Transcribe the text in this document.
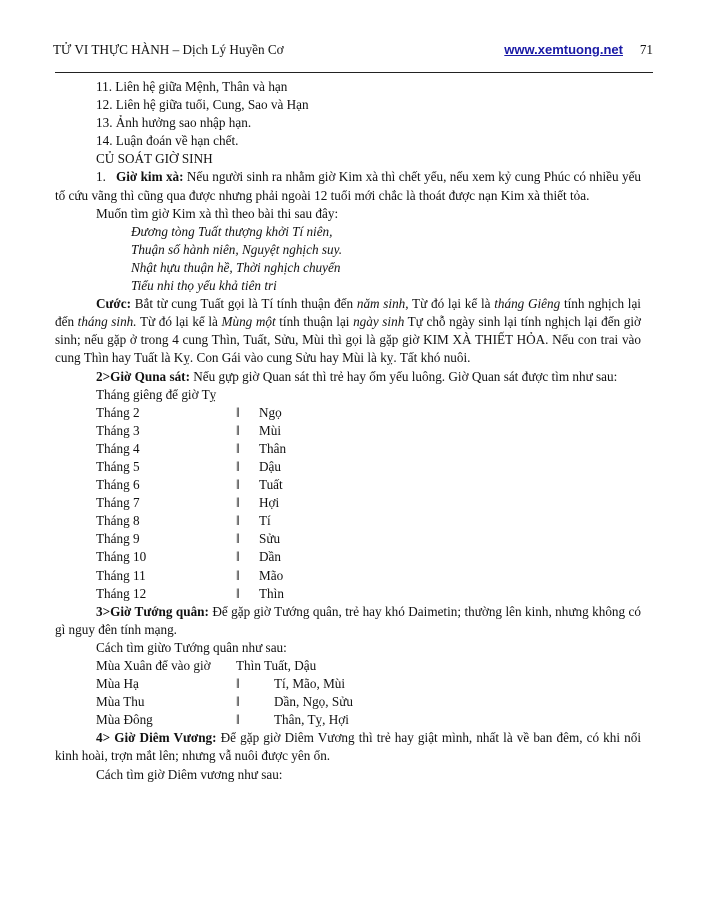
TỬ VI THỰC HÀNH – Dịch Lý Huyền Cơ	www.xemtuong.net 71
11. Liên hệ giữa Mệnh, Thân và hạn
12. Liên hệ giữa tuổi, Cung, Sao và Hạn
13. Ảnh hưởng sao nhập hạn.
14. Luận đoán về hạn chết.
CỦ SOÁT GIỜ SINH
1. Giờ kim xà: Nếu người sinh ra nhằm giờ Kim xà thì chết yểu, nếu xem kỷ cung Phúc có nhiều yếu tố cứu vãng thì cũng qua được nhưng phải ngoài 12 tuổi mới chắc là thoát được nạn Kim xà thiết tỏa.
Muốn tìm giờ Kim xà thì theo bài thi sau đây:
Đương tòng Tuất thượng khởi Tí niên,
Thuận số hành niên, Nguyệt nghịch suy.
Nhật hựu thuận hề, Thời nghịch chuyển
Tiểu nhi thọ yểu khả tiên tri
Cước: Bắt từ cung Tuất gọi là Tí tính thuận đến năm sinh, Từ đó lại kể là tháng Giêng tính nghịch lại đến tháng sinh. Từ đó lại kể là Mùng một tính thuận lại ngày sinh Tự chỗ ngày sinh lại tính nghịch lại đến giờ sinh; nếu gặp ở trong 4 cung Thìn, Tuất, Sửu, Mùi thì gọi là gặp giờ KIM XÀ THIẾT HỎA. Nếu con trai vào cung Thìn hay Tuất là Kỵ. Con Gái vào cung Sửu hay Mùi là kỵ. Tất khó nuôi.
2>Giờ Quna sát: Nếu gựp giờ Quan sát thì trẻ hay ốm yếu luông. Giờ Quan sát được tìm như sau:
Tháng giêng để giờ Tỵ
Tháng 2	‖	Ngọ
Tháng 3	‖	Mùi
Tháng 4	‖	Thân
Tháng 5	‖	Dậu
Tháng 6	‖	Tuất
Tháng 7	‖	Hợi
Tháng 8	‖	Tí
Tháng 9	‖	Sửu
Tháng 10	‖	Dần
Tháng 11	‖	Mão
Tháng 12	‖	Thìn
3>Giờ Tướng quân: Để gặp giờ Tướng quân, trẻ hay khó Daimetin; thường lên kinh, nhưng không có gì nguy đên tính mạng.
Cách tìm giừo Tướng quân như sau:
Mùa Xuân để vào giờ	Thìn Tuất, Dậu
Mùa Hạ	‖	Tí, Mão, Mùi
Mùa Thu	‖	Dần, Ngọ, Sửu
Mùa Đông	‖	Thân, Tỵ, Hợi
4> Giờ Diêm Vương: Để gặp giờ Diêm Vương thì trẻ hay giật mình, nhất là về ban đêm, có khi nổi kinh hoài, trợn mắt lên; nhưng vẫ nuôi được yên ổn.
Cách tìm giờ Diêm vương như sau:
